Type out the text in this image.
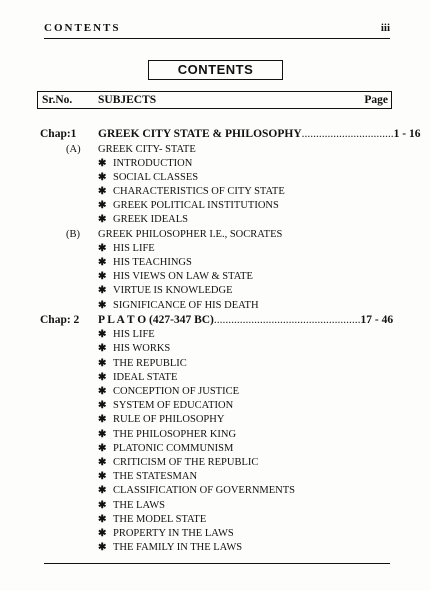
CONTENTS	iii
CONTENTS
Sr.No. SUBJECTS	Page
Chap:1 GREEK CITY STATE & PHILOSOPHY................................1 - 16
(A) GREEK CITY- STATE
✱ INTRODUCTION
✱ SOCIAL CLASSES
✱ CHARACTERISTICS OF CITY STATE
✱ GREEK POLITICAL INSTITUTIONS
✱ GREEK IDEALS
(B) GREEK PHILOSOPHER I.E., SOCRATES
✱ HIS LIFE
✱ HIS TEACHINGS
✱ HIS VIEWS ON LAW & STATE
✱ VIRTUE IS KNOWLEDGE
✱ SIGNIFICANCE OF HIS DEATH
Chap: 2 P L A T O (427-347 BC)...................................................17 - 46
✱ HIS LIFE
✱ HIS WORKS
✱ THE REPUBLIC
✱ IDEAL STATE
✱ CONCEPTION OF JUSTICE
✱ SYSTEM OF EDUCATION
✱ RULE OF PHILOSOPHY
✱ THE PHILOSOPHER KING
✱ PLATONIC COMMUNISM
✱ CRITICISM OF THE REPUBLIC
✱ THE STATESMAN
✱ CLASSIFICATION OF GOVERNMENTS
✱ THE LAWS
✱ THE MODEL STATE
✱ PROPERTY IN THE LAWS
✱ THE FAMILY IN THE LAWS
